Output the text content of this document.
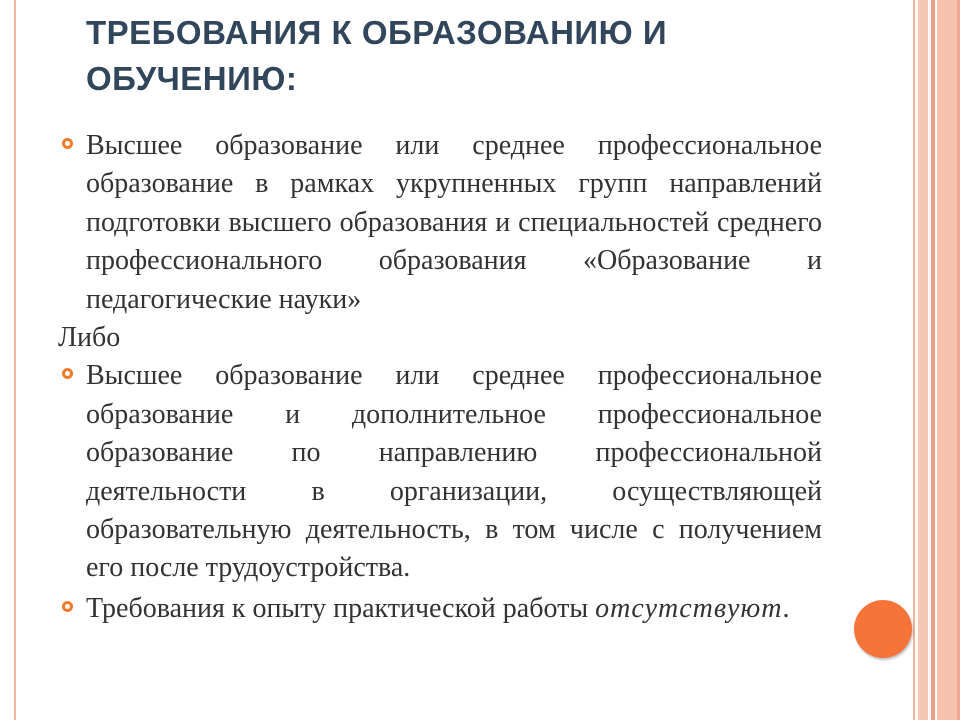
ТРЕБОВАНИЯ К ОБРАЗОВАНИЮ И ОБУЧЕНИЮ:
Высшее образование или среднее профессиональное образование в рамках укрупненных групп направлений подготовки высшего образования и специальностей среднего профессионального образования «Образование и педагогические науки»
Либо
Высшее образование или среднее профессиональное образование и дополнительное профессиональное образование по направлению профессиональной деятельности в организации, осуществляющей образовательную деятельность, в том числе с получением его после трудоустройства.
Требования к опыту практической работы отсутствуют.
